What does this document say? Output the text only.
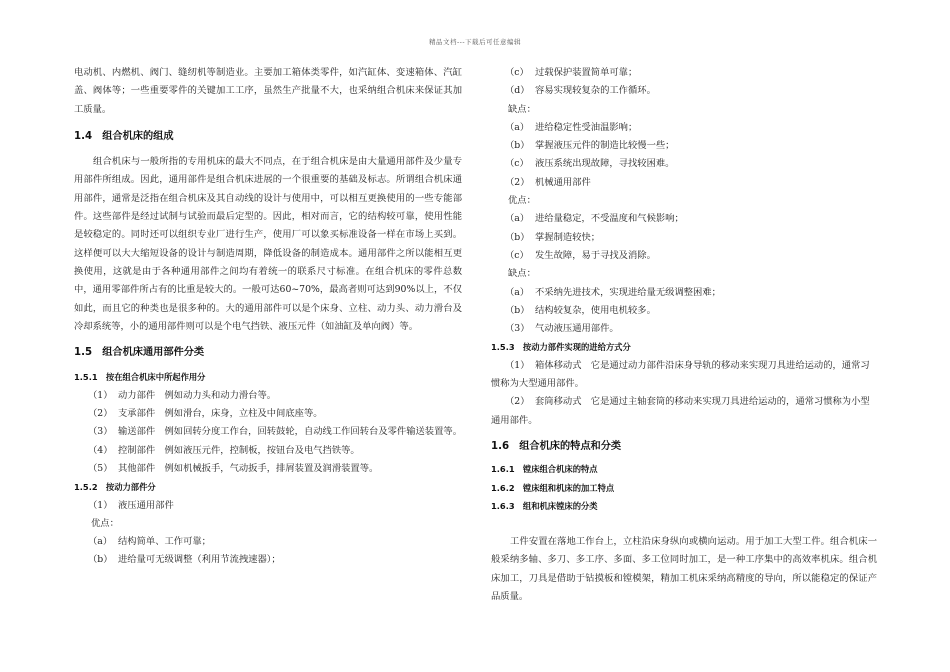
精品文档---下载后可任意编辑

电动机、内燃机、阀门、缝纫机等制造业。主要加工箱体类零件，如汽缸体、变速箱体、汽缸盖、阀体等；一些重要零件的关键加工工序，虽然生产批量不大，也采纳组合机床来保证其加工质量。

1.4　组合机床的组成

组合机床与一般所指的专用机床的最大不同点，在于组合机床是由大量通用部件及少量专用部件所组成。因此，通用部件是组合机床进展的一个很重要的基础及标志。所谓组合机床通用部件，通常是泛指在组合机床及其自动线的设计与使用中，可以相互更换使用的一些专能部件。这些部件是经过试制与试验而最后定型的。因此，相对而言，它的结构较可靠，使用性能是较稳定的。同时还可以组织专业厂进行生产，使用厂可以象买标准设备一样在市场上买到。这样便可以大大缩短设备的设计与制造周期，降低设备的制造成本。通用部件之所以能相互更换使用，这就是由于各种通用部件之间均有着统一的联系尺寸标准。在组合机床的零件总数中，通用零部件所占有的比重是较大的。一般可达60~70%，最高者则可达到90%以上，不仅如此，而且它的种类也是很多种的。大的通用部件可以是个床身、立柱、动力头、动力滑台及冷却系统等，小的通用部件则可以是个电气挡铁、液压元件（如油缸及单向阀）等。

1.5　组合机床通用部件分类

1.5.1　按在组合机床中所起作用分

（1） 动力部件　例如动力头和动力滑台等。
（2） 支承部件　例如滑台，床身，立柱及中间底座等。
（3） 输送部件　例如回转分度工作台，回转鼓轮，自动线工作回转台及零件输送装置等。
（4） 控制部件　例如液压元件，控制板，按钮台及电气挡铁等。
（5） 其他部件　例如机械扳手，气动扳手，排屑装置及润滑装置等。

1.5.2　按动力部件分

（1） 液压通用部件

优点：

（a） 结构简单、工作可靠；
（b） 进给量可无级调整（利用节流拽速器）；
（c） 过载保护装置简单可靠；
（d） 容易实现较复杂的工作循环。

缺点：

（a） 进给稳定性受油温影响；
（b） 掌握液压元件的制造比较慢一些；
（c） 液压系统出现故障，寻找较困难。
（2） 机械通用部件

优点：

（a） 进给量稳定，不受温度和气候影响；
（b） 掌握制造较快；
（c） 发生故障，易于寻找及消除。

缺点：

（a） 不采纳先进技术，实现进给量无级调整困难；
（b） 结构较复杂，使用电机较多。
（3） 气动液压通用部件。

1.5.3　按动力部件实现的进给方式分

（1） 箱体移动式　它是通过动力部件沿床身导轨的移动来实现刀具进给运动的，通常习惯称为大型通用部件。
（2） 套筒移动式　它是通过主轴套筒的移动来实现刀具进给运动的，通常习惯称为小型通用部件。

1.6　组合机床的特点和分类

1.6.1　镗床组合机床的特点

1.6.2　镗床组和机床的加工特点

1.6.3　组和机床镗床的分类

工件安置在落地工作台上，立柱沿床身纵向或横向运动。用于加工大型工件。组合机床一般采纳多轴、多刀、多工序、多面、多工位同时加工，是一种工序集中的高效率机床。组合机床加工，刀具是借助于钻摸板和镗模架，精加工机床采纳高精度的导向，所以能稳定的保证产品质量。
